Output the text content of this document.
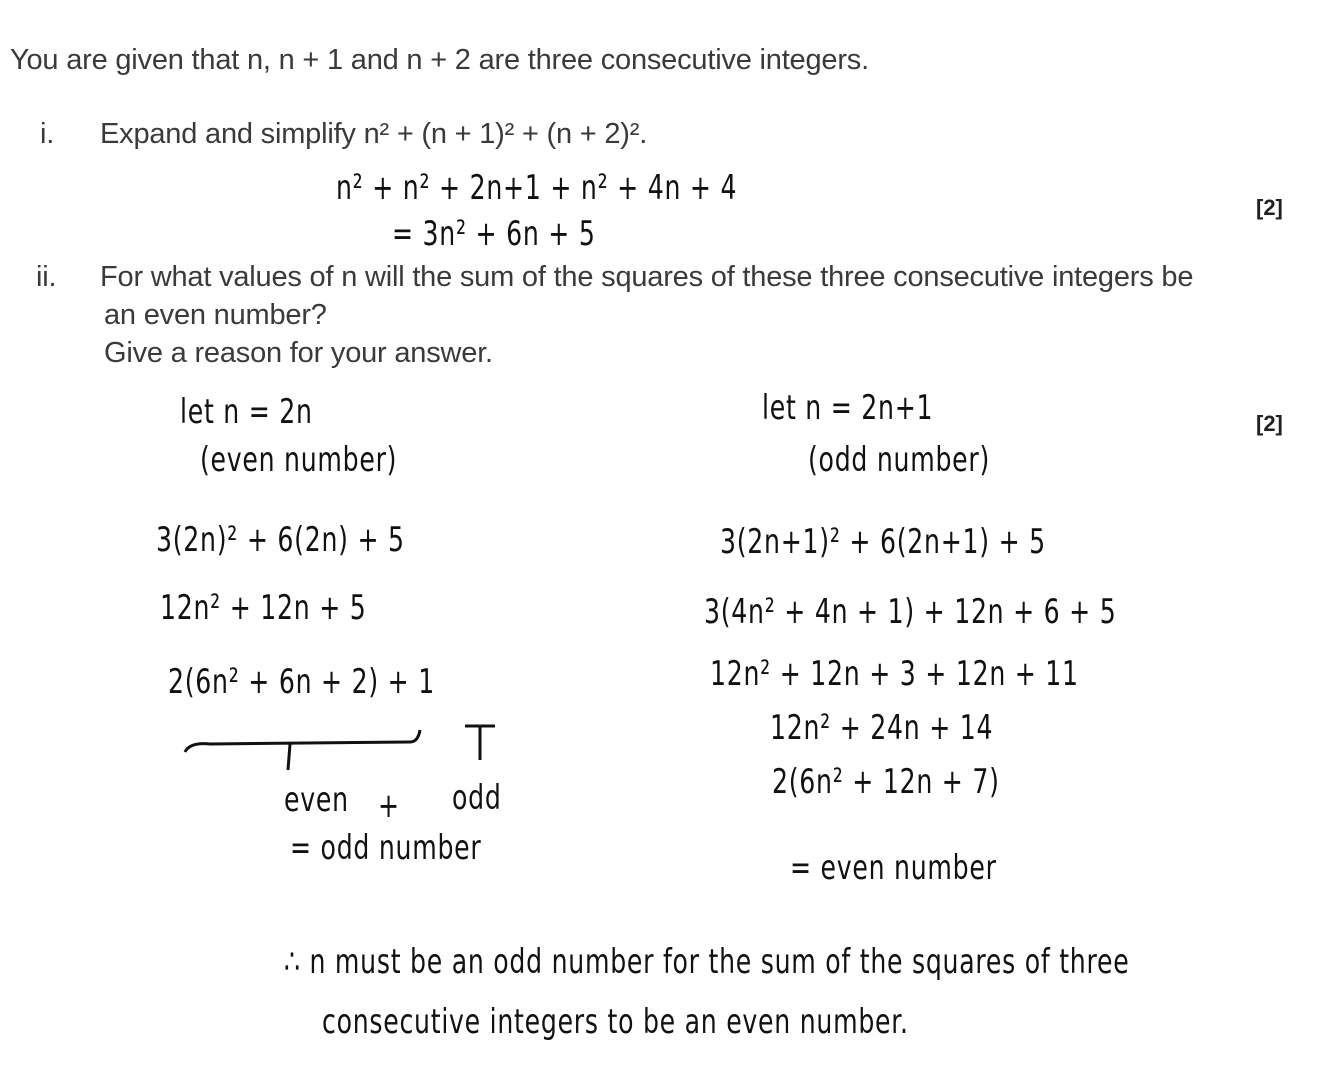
You are given that n, n + 1 and n + 2 are three consecutive integers.
i. Expand and simplify n² + (n + 1)² + (n + 2)².
[2]
n² + n² + 2n+1 + n² + 4n + 4
= 3n² + 6n + 5
ii. For what values of n will the sum of the squares of these three consecutive integers be
an even number?
Give a reason for your answer.
[2]
let n = 2n
(even number)
3(2n)² + 6(2n) + 5
12n² + 12n + 5
2(6n² + 6n + 2) + 1
even + odd
= odd number
let n = 2n+1
(odd number)
3(2n+1)² + 6(2n+1) + 5
3(4n² + 4n + 1) + 12n + 6 + 5
12n² + 12n + 3 + 12n + 11
12n² + 24n + 14
2(6n² + 12n + 7)
= even number
∴ n must be an odd number for the sum of the squares of three
consecutive integers to be an even number.
